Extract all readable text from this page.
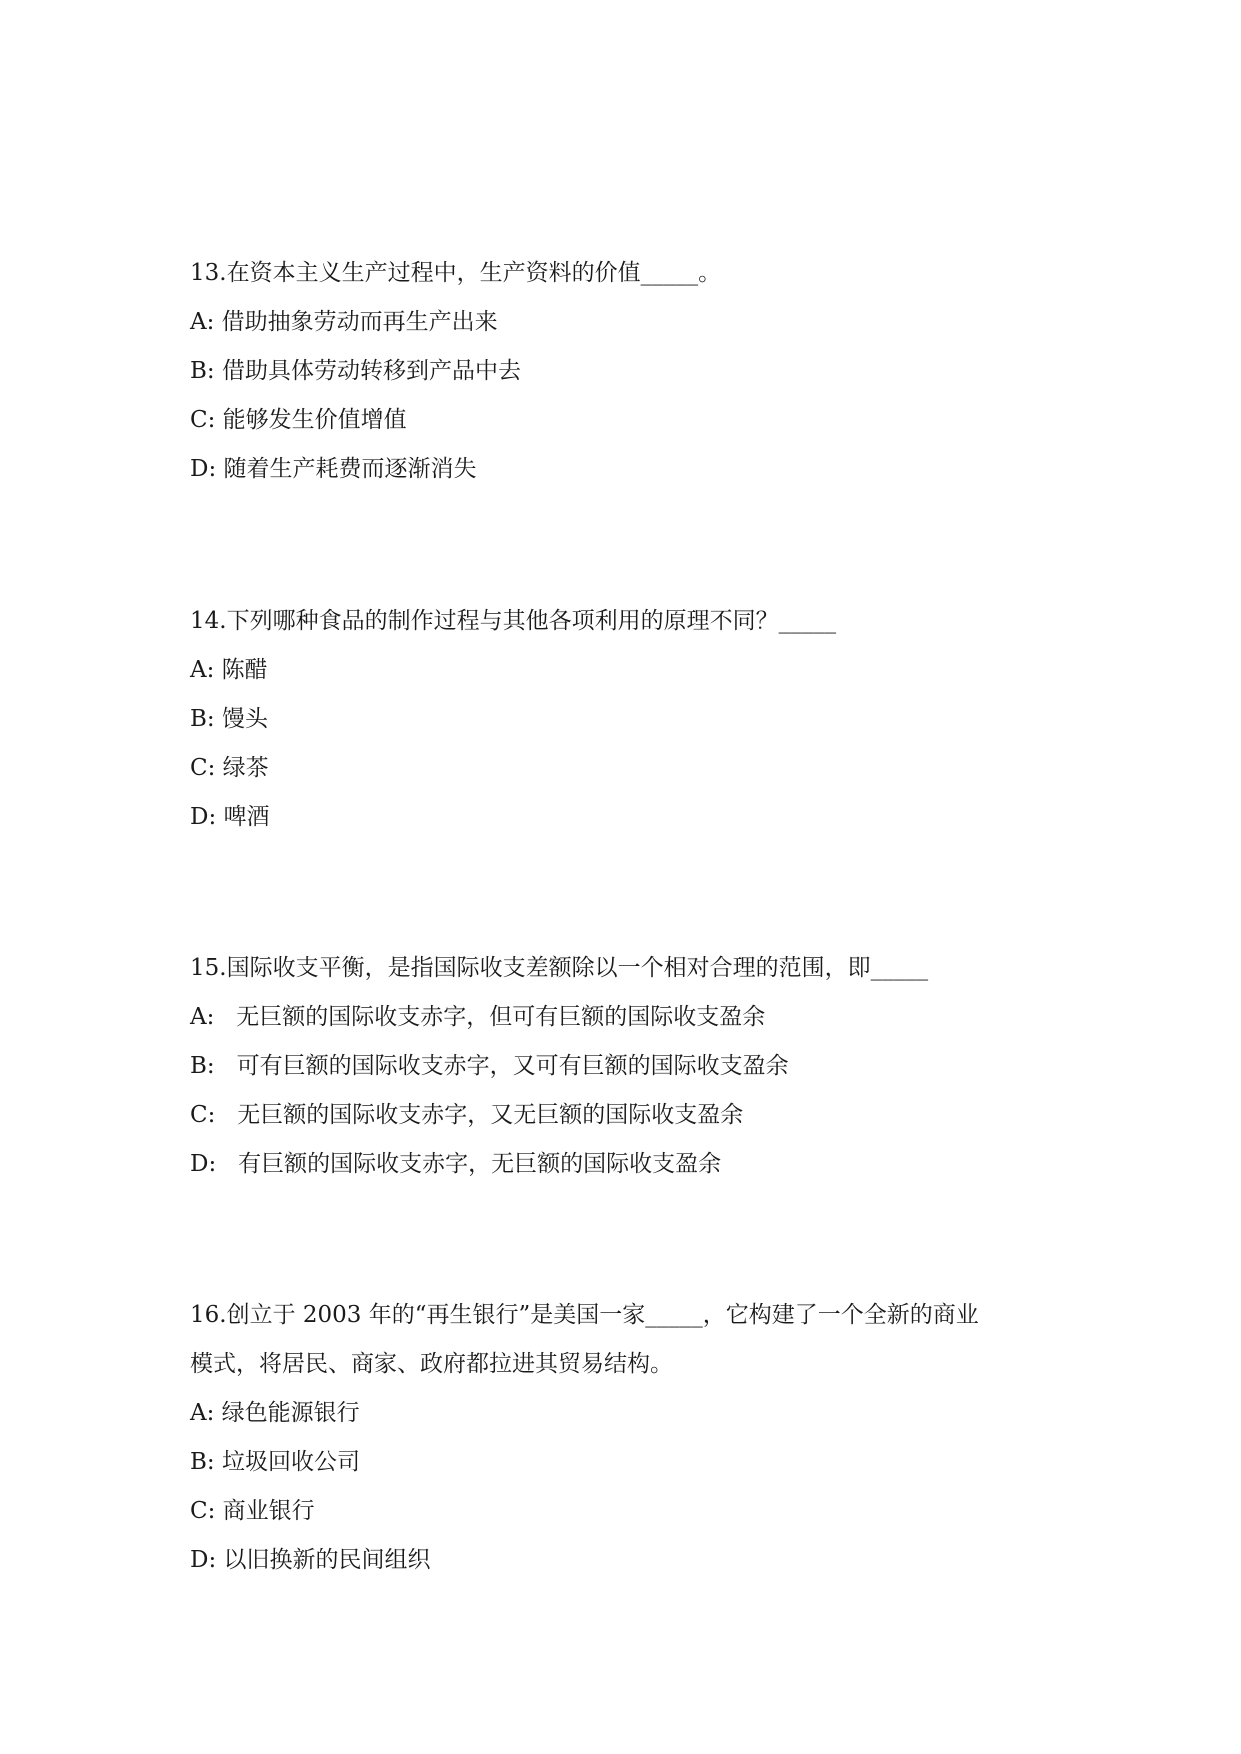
13.在资本主义生产过程中，生产资料的价值_____。

A: 借助抽象劳动而再生产出来

B: 借助具体劳动转移到产品中去

C: 能够发生价值增值

D: 随着生产耗费而逐渐消失

14.下列哪种食品的制作过程与其他各项利用的原理不同？_____

A: 陈醋

B: 馒头

C: 绿茶

D: 啤酒

15.国际收支平衡，是指国际收支差额除以一个相对合理的范围，即_____

A:   无巨额的国际收支赤字，但可有巨额的国际收支盈余

B:   可有巨额的国际收支赤字，又可有巨额的国际收支盈余

C:   无巨额的国际收支赤字，又无巨额的国际收支盈余

D:   有巨额的国际收支赤字，无巨额的国际收支盈余

16.创立于 2003 年的“再生银行”是美国一家_____，它构建了一个全新的商业
模式，将居民、商家、政府都拉进其贸易结构。

A: 绿色能源银行

B: 垃圾回收公司

C: 商业银行

D: 以旧换新的民间组织
